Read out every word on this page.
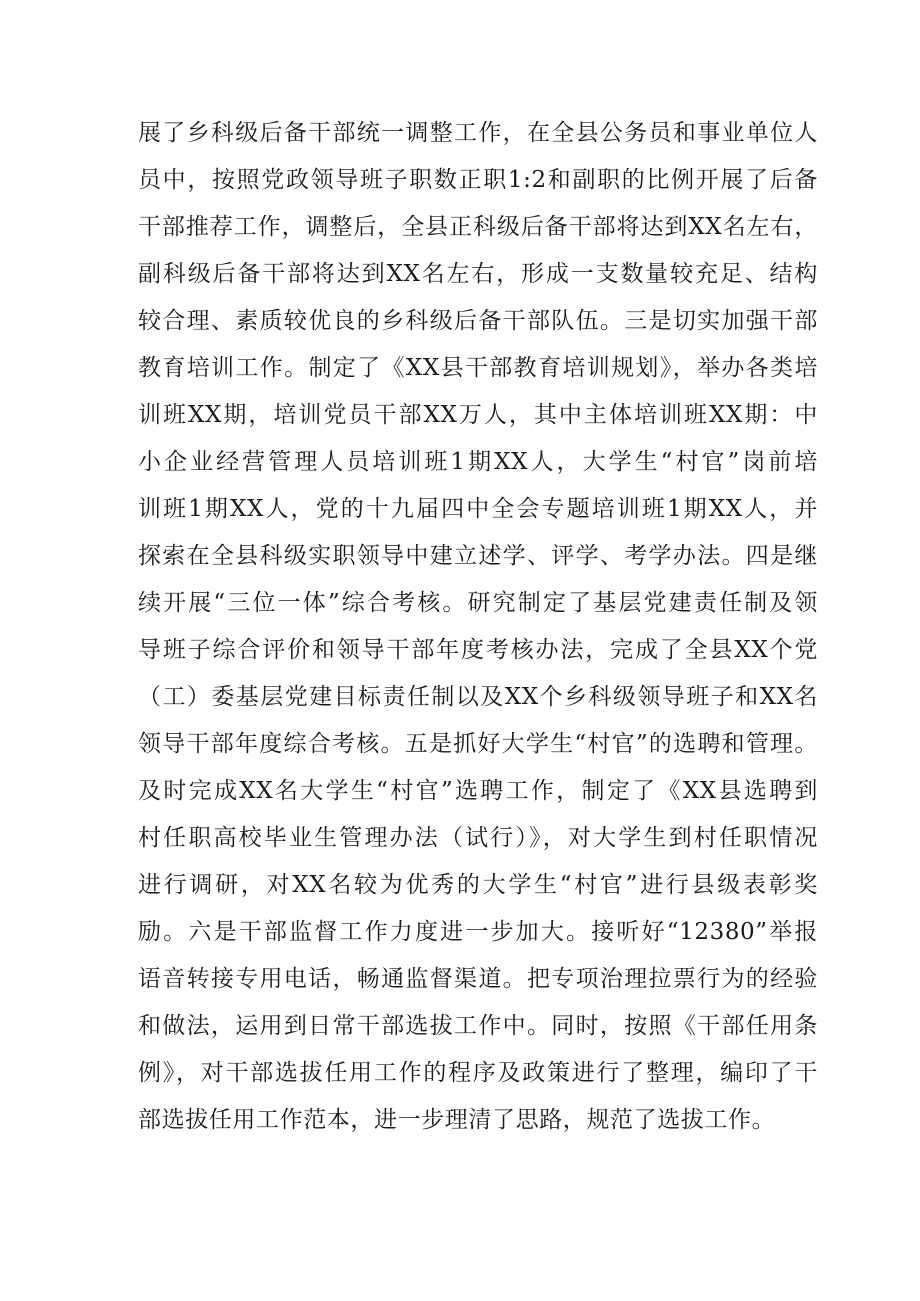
展了乡科级后备干部统一调整工作，在全县公务员和事业单位人
员中，按照党政领导班子职数正职1:2和副职的比例开展了后备
干部推荐工作，调整后，全县正科级后备干部将达到XX名左右，
副科级后备干部将达到XX名左右，形成一支数量较充足、结构
较合理、素质较优良的乡科级后备干部队伍。三是切实加强干部
教育培训工作。制定了《XX县干部教育培训规划》，举办各类培
训班XX期，培训党员干部XX万人，其中主体培训班XX期：中
小企业经营管理人员培训班1期XX人，大学生“村官”岗前培
训班1期XX人，党的十九届四中全会专题培训班1期XX人，并
探索在全县科级实职领导中建立述学、评学、考学办法。四是继
续开展“三位一体”综合考核。研究制定了基层党建责任制及领
导班子综合评价和领导干部年度考核办法，完成了全县XX个党
（工）委基层党建目标责任制以及XX个乡科级领导班子和XX名
领导干部年度综合考核。五是抓好大学生“村官”的选聘和管理。
及时完成XX名大学生“村官”选聘工作，制定了《XX县选聘到
村任职高校毕业生管理办法（试行）》，对大学生到村任职情况
进行调研，对XX名较为优秀的大学生“村官”进行县级表彰奖
励。六是干部监督工作力度进一步加大。接听好“12380”举报
语音转接专用电话，畅通监督渠道。把专项治理拉票行为的经验
和做法，运用到日常干部选拔工作中。同时，按照《干部任用条
例》，对干部选拔任用工作的程序及政策进行了整理，编印了干
部选拔任用工作范本，进一步理清了思路，规范了选拔工作。
